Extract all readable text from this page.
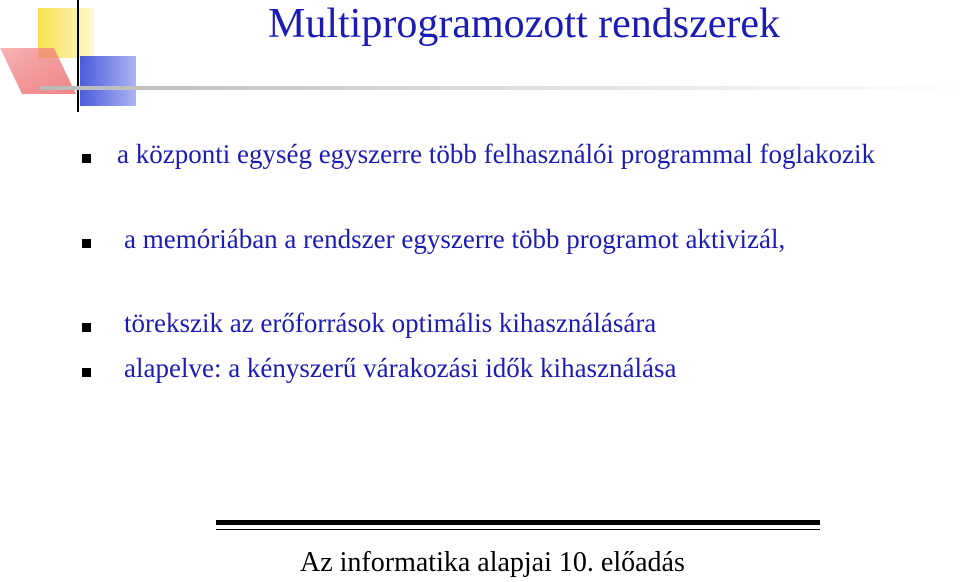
Multiprogramozott rendszerek
a központi egység egyszerre több felhasználói programmal foglakozik
a memóriában a rendszer egyszerre több programot aktivizál,
törekszik az erőforrások optimális kihasználására
alapelve: a kényszerű várakozási idők kihasználása
Az informatika alapjai 10. előadás
